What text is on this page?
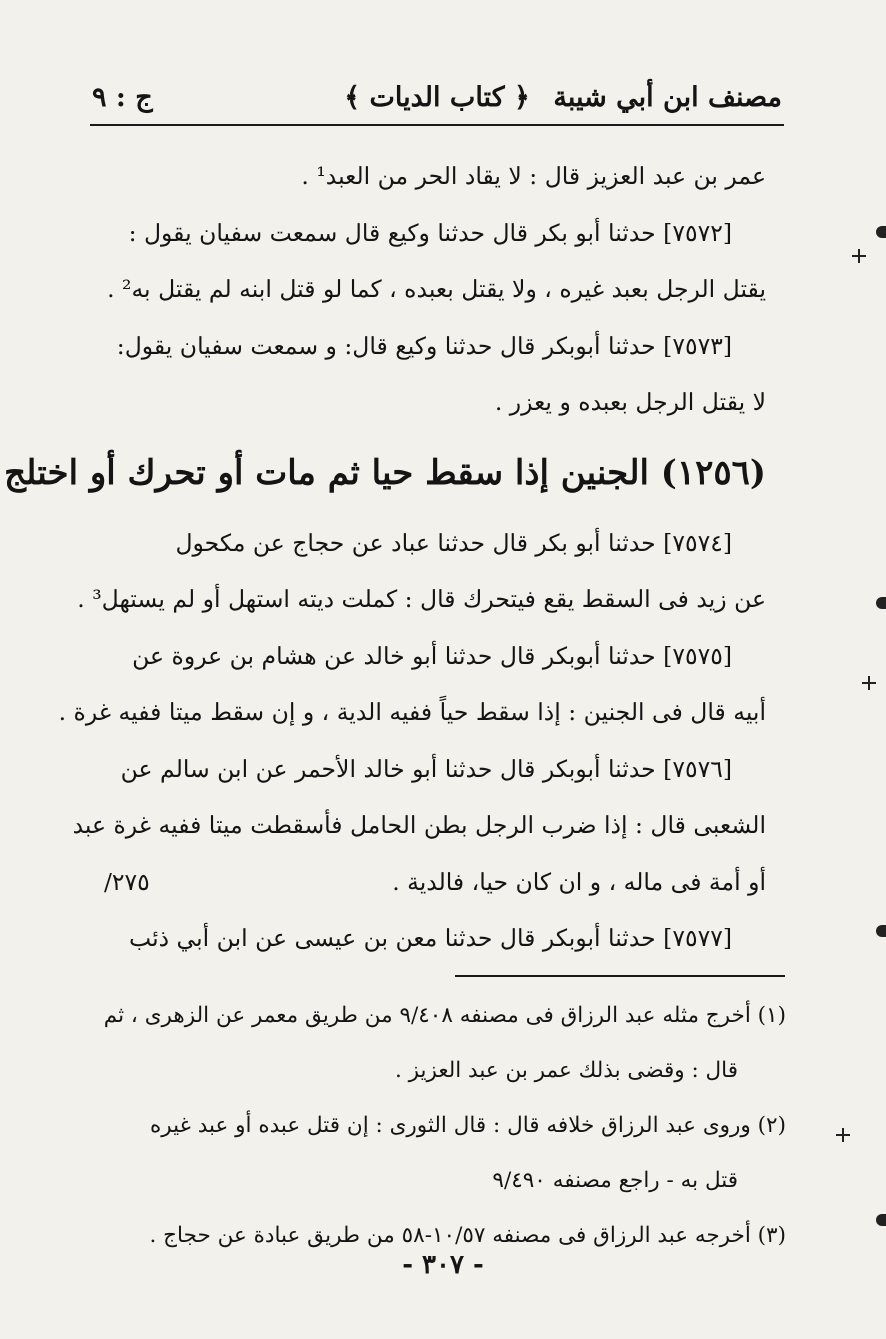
مصنف ابن أبي شيبة
﴿ كتاب الديات ﴾
ج : ٩
عمر بن عبد العزيز قال : لا يقاد الحر من العبد¹ .
[٧٥٧٢] حدثنا أبو بكر قال حدثنا وكيع قال سمعت سفيان يقول :
يقتل الرجل بعبد غيره ، ولا يقتل بعبده ، كما لو قتل ابنه لم يقتل به² .
[٧٥٧٣] حدثنا أبوبكر قال حدثنا وكيع قال: و سمعت سفيان يقول:
لا يقتل الرجل بعبده و يعزر .
(١٢٥٦) الجنين إذا سقط حيا ثم مات أو تحرك أو اختلج
[٧٥٧٤] حدثنا أبو بكر قال حدثنا عباد عن حجاج عن مكحول
عن زيد فى السقط يقع فيتحرك قال : كملت ديته استهل أو لم يستهل³ .
[٧٥٧٥] حدثنا أبوبكر قال حدثنا أبو خالد عن هشام بن عروة عن
أبيه قال فى الجنين : إذا سقط حياً ففيه الدية ، و إن سقط ميتا ففيه غرة .
[٧٥٧٦] حدثنا أبوبكر قال حدثنا أبو خالد الأحمر عن ابن سالم عن
الشعبى قال : إذا ضرب الرجل بطن الحامل فأسقطت ميتا ففيه غرة عبد
أو أمة فى ماله ، و ان كان حيا، فالدية .
٢٧٥/
[٧٥٧٧] حدثنا أبوبكر قال حدثنا معن بن عيسى عن ابن أبي ذئب
(١) أخرج مثله عبد الرزاق فى مصنفه ٩/٤٠٨ من طريق معمر عن الزهرى ، ثم
قال : وقضى بذلك عمر بن عبد العزيز .
(٢) وروى عبد الرزاق خلافه قال : قال الثورى : إن قتل عبده أو عبد غيره
قتل به - راجع مصنفه ٩/٤٩٠
(٣) أخرجه عبد الرزاق فى مصنفه ١٠/٥٧-٥٨ من طريق عبادة عن حجاج .
- ٣٠٧ -
